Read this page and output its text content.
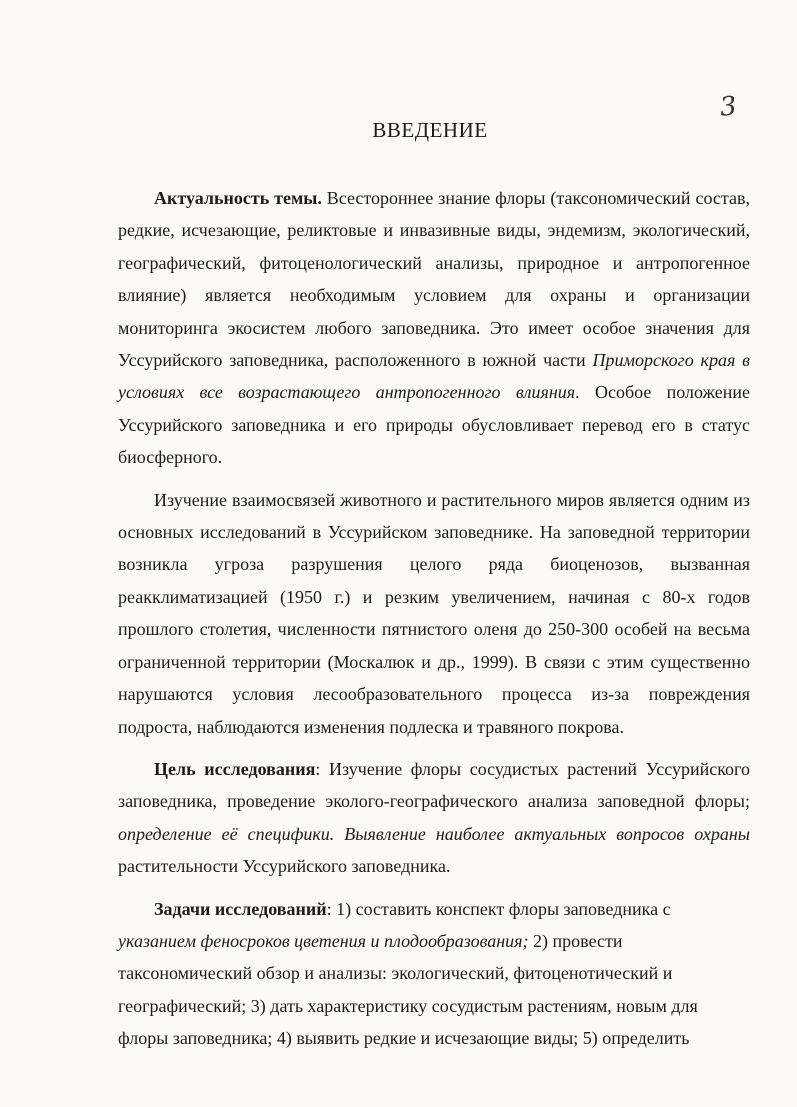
3
ВВЕДЕНИЕ

Актуальность темы. Всестороннее знание флоры (таксономический состав, редкие, исчезающие, реликтовые и инвазивные виды, эндемизм, экологический, географический, фитоценологический анализы, природное и антропогенное влияние) является необходимым условием для охраны и организации мониторинга экосистем любого заповедника. Это имеет особое значения для Уссурийского заповедника, расположенного в южной части Приморского края в условиях все возрастающего антропогенного влияния. Особое положение Уссурийского заповедника и его природы обусловливает перевод его в статус биосферного.

Изучение взаимосвязей животного и растительного миров является одним из основных исследований в Уссурийском заповеднике. На заповедной территории возникла угроза разрушения целого ряда биоценозов, вызванная реакклиматизацией (1950 г.) и резким увеличением, начиная с 80-х годов прошлого столетия, численности пятнистого оленя до 250-300 особей на весьма ограниченной территории (Москалюк и др., 1999). В связи с этим существенно нарушаются условия лесообразовательного процесса из-за повреждения подроста, наблюдаются изменения подлеска и травяного покрова.

Цель исследования: Изучение флоры сосудистых растений Уссурийского заповедника, проведение эколого-географического анализа заповедной флоры; определение её специфики. Выявление наиболее актуальных вопросов охраны растительности Уссурийского заповедника.

Задачи исследований: 1) составить конспект флоры заповедника с указанием феносроков цветения и плодообразования; 2) провести таксономический обзор и анализы: экологический, фитоценотический и географический; 3) дать характеристику сосудистым растениям, новым для флоры заповедника; 4) выявить редкие и исчезающие виды; 5) определить
